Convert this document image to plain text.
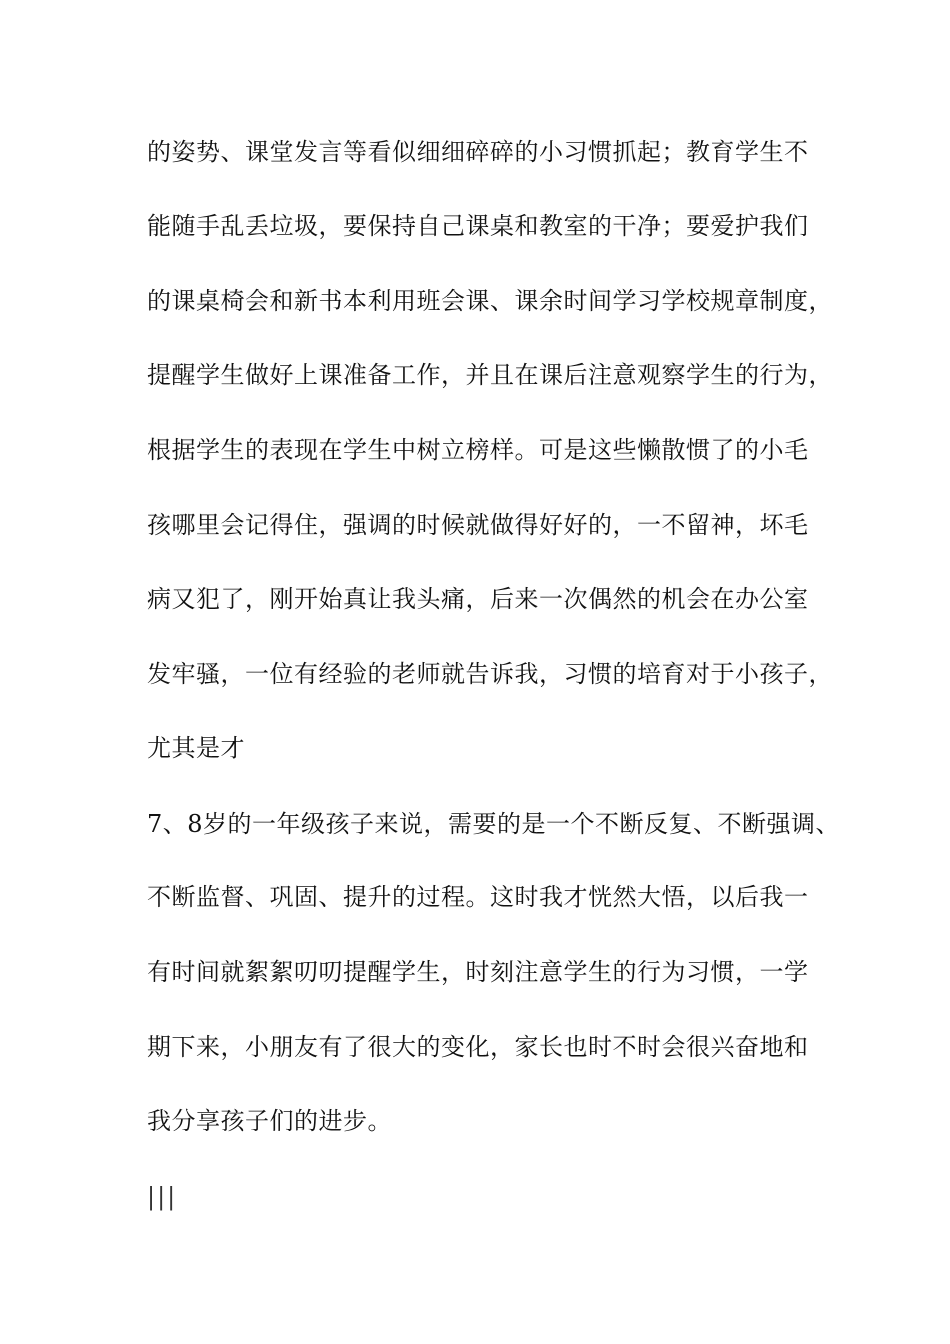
的姿势、课堂发言等看似细细碎碎的小习惯抓起；教育学生不
能随手乱丢垃圾，要保持自己课桌和教室的干净；要爱护我们
的课桌椅会和新书本利用班会课、课余时间学习学校规章制度，
提醒学生做好上课准备工作，并且在课后注意观察学生的行为，
根据学生的表现在学生中树立榜样。可是这些懒散惯了的小毛
孩哪里会记得住，强调的时候就做得好好的，一不留神，坏毛
病又犯了，刚开始真让我头痛，后来一次偶然的机会在办公室
发牢骚，一位有经验的老师就告诉我，习惯的培育对于小孩子，
尤其是才
7、8岁的一年级孩子来说，需要的是一个不断反复、不断强调、
不断监督、巩固、提升的过程。这时我才恍然大悟，以后我一
有时间就絮絮叨叨提醒学生，时刻注意学生的行为习惯，一学
期下来，小朋友有了很大的变化，家长也时不时会很兴奋地和
我分享孩子们的进步。
|||
